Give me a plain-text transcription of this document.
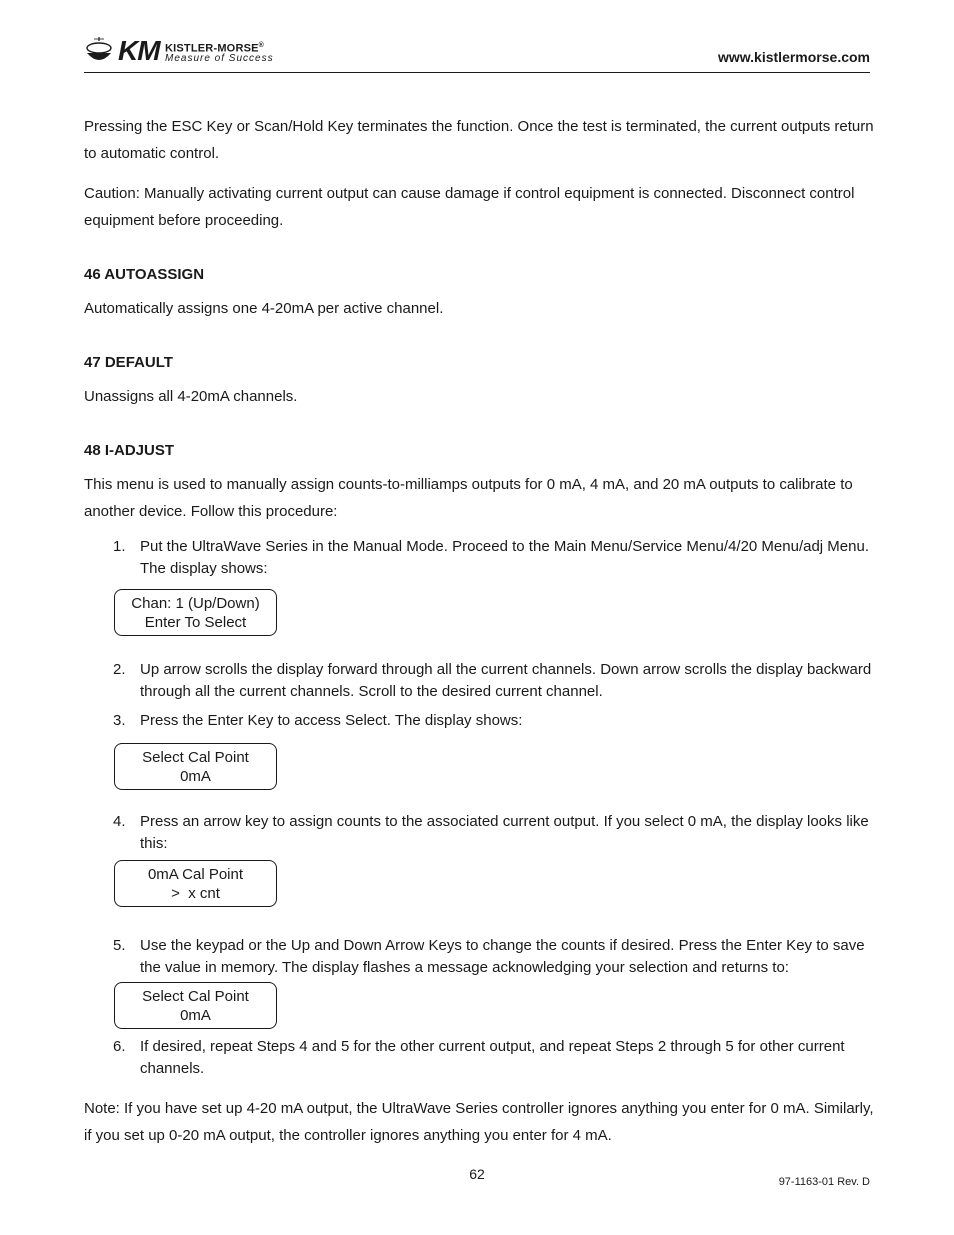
KM KISTLER-MORSE®
Measure of Success	www.kistlermorse.com

Pressing the ESC Key or Scan/Hold Key terminates the function. Once the test is terminated, the current outputs return to automatic control.

Caution: Manually activating current output can cause damage if control equipment is connected. Disconnect control equipment before proceeding.

46 AUTOASSIGN

Automatically assigns one 4-20mA per active channel.

47 DEFAULT

Unassigns all 4-20mA channels.

48 I-ADJUST

This menu is used to manually assign counts-to-milliamps outputs for 0 mA, 4 mA, and 20 mA outputs to calibrate to another device. Follow this procedure:

1. Put the UltraWave Series in the Manual Mode. Proceed to the Main Menu/Service Menu/4/20 Menu/adj Menu. The display shows:
Chan: 1 (Up/Down)
Enter To Select
2. Up arrow scrolls the display forward through all the current channels. Down arrow scrolls the display backward through all the current channels. Scroll to the desired current channel.
3. Press the Enter Key to access Select. The display shows:
Select Cal Point
0mA
4. Press an arrow key to assign counts to the associated current output. If you select 0 mA, the display looks like this:
0mA Cal Point
>  x cnt
5. Use the keypad or the Up and Down Arrow Keys to change the counts if desired. Press the Enter Key to save the value in memory. The display flashes a message acknowledging your selection and returns to:
Select Cal Point
0mA
6. If desired, repeat Steps 4 and 5 for the other current output, and repeat Steps 2 through 5 for other current channels.

Note: If you have set up 4-20 mA output, the UltraWave Series controller ignores anything you enter for 0 mA. Similarly, if you set up 0-20 mA output, the controller ignores anything you enter for 4 mA.

62	97-1163-01 Rev. D
